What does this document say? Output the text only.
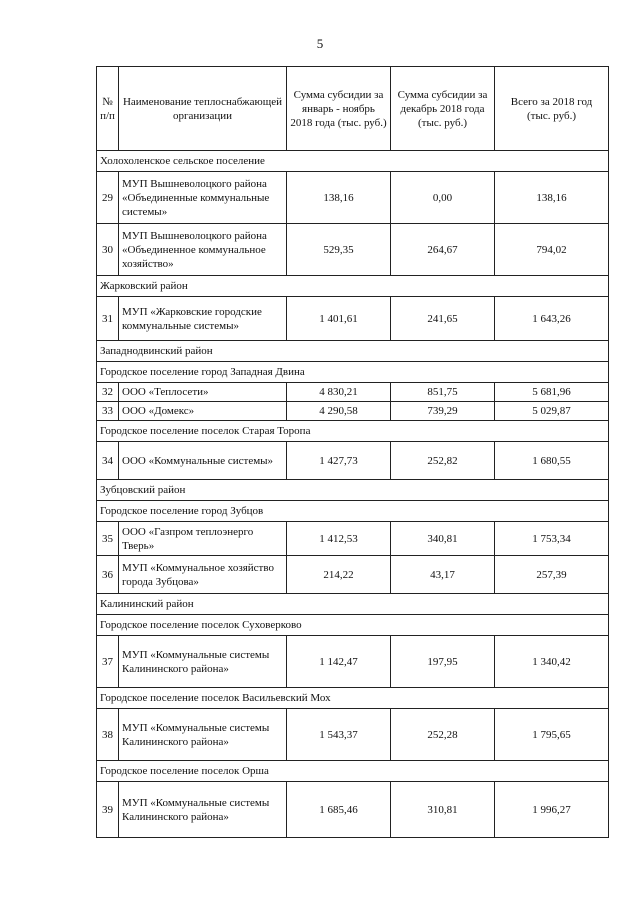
5
№ п/п	Наименование теплоснабжающей организации	Сумма субсидии за январь - ноябрь 2018 года (тыс. руб.)	Сумма субсидии за декабрь 2018 года (тыс. руб.)	Всего за 2018 год (тыс. руб.)
Холохоленское сельское поселение				
29	МУП Вышневолоцкого района «Объединенные коммунальные системы»	138,16	0,00	138,16
30	МУП Вышневолоцкого района «Объединенное коммунальное хозяйство»	529,35	264,67	794,02
Жарковский район				
31	МУП «Жарковские городские коммунальные системы»	1 401,61	241,65	1 643,26
Западнодвинский район				
Городское поселение город Западная Двина				
32	ООО «Теплосети»	4 830,21	851,75	5 681,96
33	ООО «Домекс»	4 290,58	739,29	5 029,87
Городское поселение поселок Старая Торопа				
34	ООО «Коммунальные системы»	1 427,73	252,82	1 680,55
Зубцовский район				
Городское поселение город Зубцов				
35	ООО «Газпром теплоэнерго Тверь»	1 412,53	340,81	1 753,34
36	МУП «Коммунальное хозяйство города Зубцова»	214,22	43,17	257,39
Калининский район				
Городское поселение поселок Суховерково				
37	МУП «Коммунальные системы Калининского района»	1 142,47	197,95	1 340,42
Городское поселение поселок Васильевский Мох				
38	МУП «Коммунальные системы Калининского района»	1 543,37	252,28	1 795,65
Городское поселение поселок Орша				
39	МУП «Коммунальные системы Калининского района»	1 685,46	310,81	1 996,27
